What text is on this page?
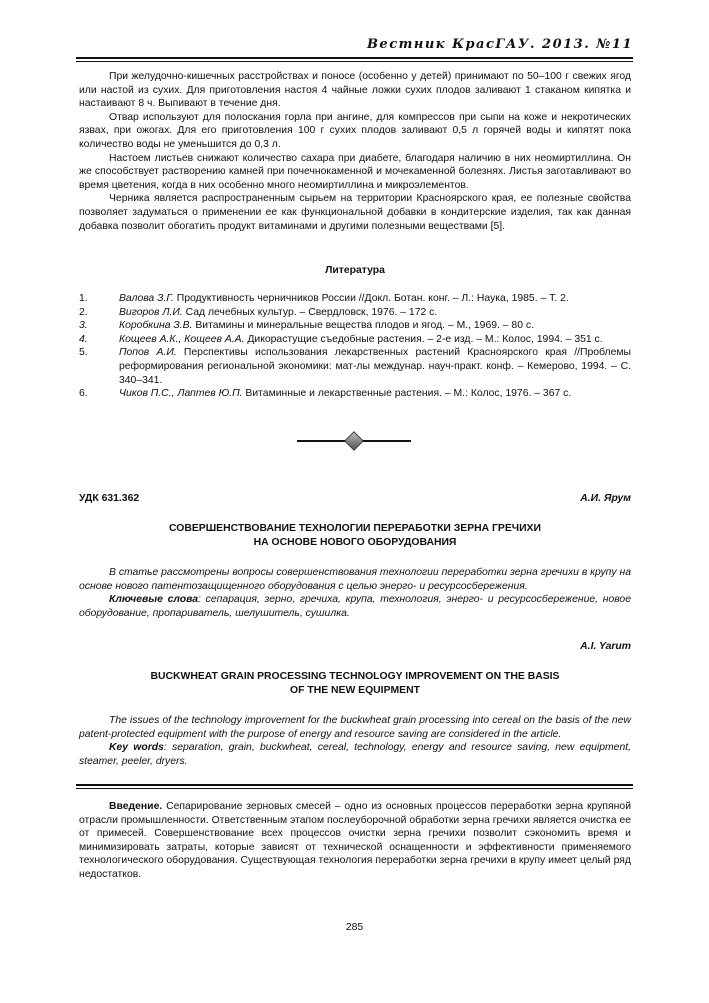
Вестник КрасГАУ. 2013. №11

При желудочно-кишечных расстройствах и поносе (особенно у детей) принимают по 50–100 г свежих ягод или настой из сухих. Для приготовления настоя 4 чайные ложки сухих плодов заливают 1 стаканом кипятка и настаивают 8 ч. Выпивают в течение дня.

Отвар используют для полоскания горла при ангине, для компрессов при сыпи на коже и некротических язвах, при ожогах. Для его приготовления 100 г сухих плодов заливают 0,5 л горячей воды и кипятят пока количество воды не уменьшится до 0,3 л.

Настоем листьев снижают количество сахара при диабете, благодаря наличию в них неомиртиллина. Он же способствует растворению камней при почечнокаменной и мочекаменной болезнях. Листья заготавливают во время цветения, когда в них особенно много неомиртиллина и микроэлементов.

Черника является распространенным сырьем на территории Красноярского края, ее полезные свойства позволяет задуматься о применении ее как функциональной добавки в кондитерские изделия, так как данная добавка позволит обогатить продукт витаминами и другими полезными веществами [5].

Литература
1.	Валова З.Г. Продуктивность черничников России //Докл. Ботан. конг. – Л.: Наука, 1985. – Т. 2.
2.	Вигоров Л.И. Сад лечебных культур. – Свердловск, 1976. – 172 с.
3.	Коробкина З.В. Витамины и минеральные вещества плодов и ягод. – М., 1969. – 80 с.
4.	Кощеев А.К., Кощеев А.А. Дикорастущие съедобные растения. – 2-е изд. – М.: Колос, 1994. – 351 с.
5.	Попов А.И. Перспективы использования лекарственных растений Красноярского края //Проблемы реформирования региональной экономики: мат-лы междунар. науч-практ. конф. – Кемерово, 1994. – С. 340–341.
6.	Чиков П.С., Лаптев Ю.П. Витаминные и лекарственные растения. – М.: Колос, 1976. – 367 с.
УДК 631.362	А.И. Ярум
СОВЕРШЕНСТВОВАНИЕ ТЕХНОЛОГИИ ПЕРЕРАБОТКИ ЗЕРНА ГРЕЧИХИ
НА ОСНОВЕ НОВОГО ОБОРУДОВАНИЯ

В статье рассмотрены вопросы совершенствования технологии переработки зерна гречихи в крупу на основе нового патентозащищенного оборудования с целью энерго- и ресурсосбережения.

Ключевые слова: сепарация, зерно, гречиха, крупа, технология, энерго- и ресурсосбережение, новое оборудование, пропариватель, шелушитель, сушилка.

A.I. Yarum
BUCKWHEAT GRAIN PROCESSING TECHNOLOGY IMPROVEMENT ON THE BASIS
OF THE NEW EQUIPMENT

The issues of the technology improvement for the buckwheat grain processing into cereal on the basis of the new patent-protected equipment with the purpose of energy and resource saving are considered in the article.

Key words: separation, grain, buckwheat, cereal, technology, energy and resource saving, new equipment, steamer, peeler, dryers.

Введение. Сепарирование зерновых смесей – одно из основных процессов переработки зерна крупяной отрасли промышленности. Ответственным этапом послеуборочной обработки зерна гречихи является очистка ее от примесей. Совершенствование всех процессов очистки зерна гречихи позволит сэкономить время и минимизировать затраты, которые зависят от технической оснащенности и эффективности применяемого технологического оборудования. Существующая технология переработки зерна гречихи в крупу имеет целый ряд недостатков.

285
